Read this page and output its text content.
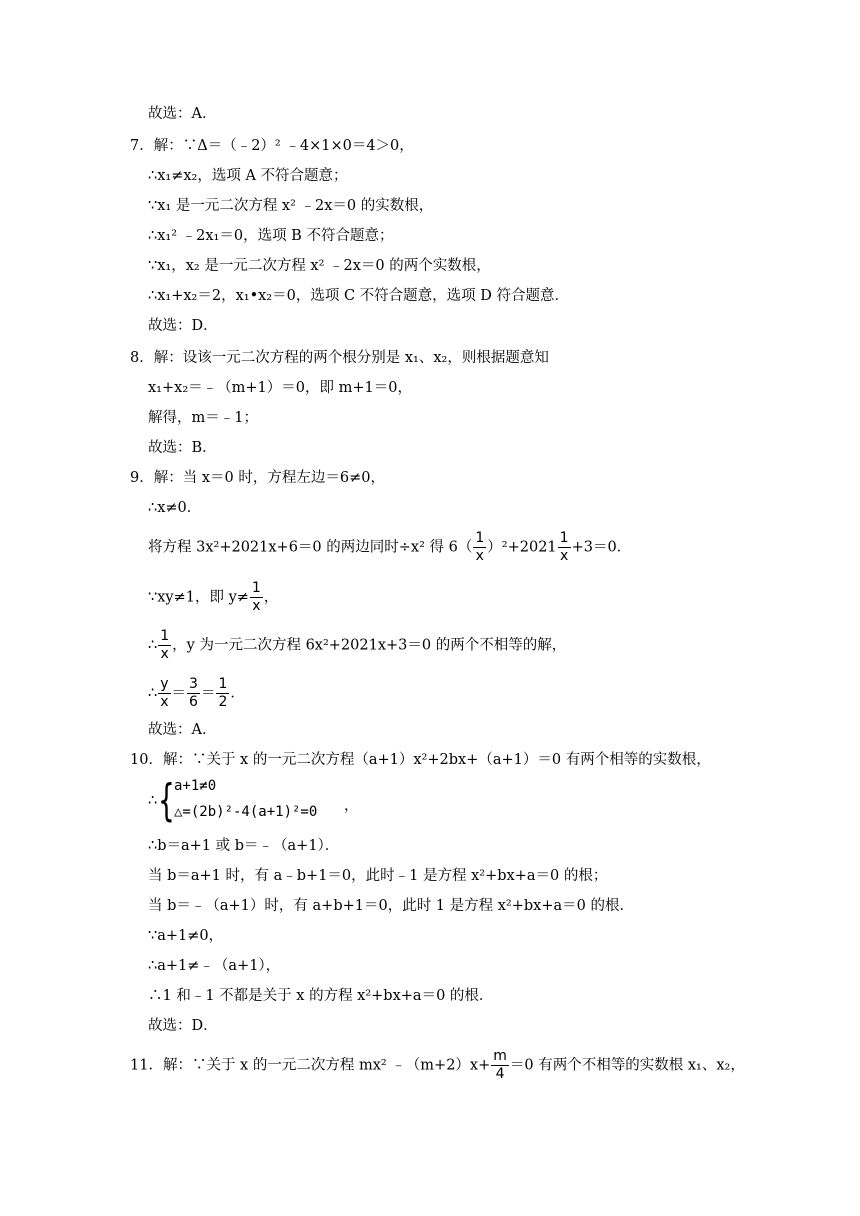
故选：A．
7．解：∵Δ＝（﹣2）² ﹣4×1×0＝4＞0，
∴x₁≠x₂，选项 A 不符合题意；
∵x₁ 是一元二次方程 x² ﹣2x＝0 的实数根，
∴x₁² ﹣2x₁＝0，选项 B 不符合题意；
∵x₁，x₂ 是一元二次方程 x² ﹣2x＝0 的两个实数根，
∴x₁+x₂＝2，x₁•x₂＝0，选项 C 不符合题意，选项 D 符合题意．
故选：D．
8．解：设该一元二次方程的两个根分别是 x₁、x₂，则根据题意知
x₁+x₂＝﹣（m+1）＝0，即 m+1＝0，
解得，m＝﹣1；
故选：B．
9．解：当 x＝0 时，方程左边＝6≠0，
∴x≠0．
将方程 3x²+2021x+6＝0 的两边同时÷x² 得 $6( \frac{1}{x} )^2+2021 \frac{1}{x} +3=0$．
∵xy≠1，即 $y\ne \frac{1}{x}$ ，
∴ $\frac{1}{x}$ ，y 为一元二次方程 6x²+2021x+3＝0 的两个不相等的解，
∴ $\frac{y}{x} = \frac{3}{6} = \frac{1}{2}$ ．
故选：A．
10．解：∵关于 x 的一元二次方程（a+1）x²+2bx+（a+1）＝0 有两个相等的实数根，
∴ { a+1≠0
△=(2b)²-4(a+1)²=0 ，
∴b＝a+1 或 b＝﹣（a+1）．
当 b＝a+1 时，有 a﹣b+1＝0，此时﹣1 是方程 x²+bx+a＝0 的根；
当 b＝﹣（a+1）时，有 a+b+1＝0，此时 1 是方程 x²+bx+a＝0 的根．
∵a+1≠0，
∴a+1≠﹣（a+1），
∴1 和﹣1 不都是关于 x 的方程 x²+bx+a＝0 的根．
故选：D．
11．解：∵关于 x 的一元二次方程 mx² ﹣（m+2）x+ $\frac{m}{4} =0$ 有两个不相等的实数根 x₁、x₂，
